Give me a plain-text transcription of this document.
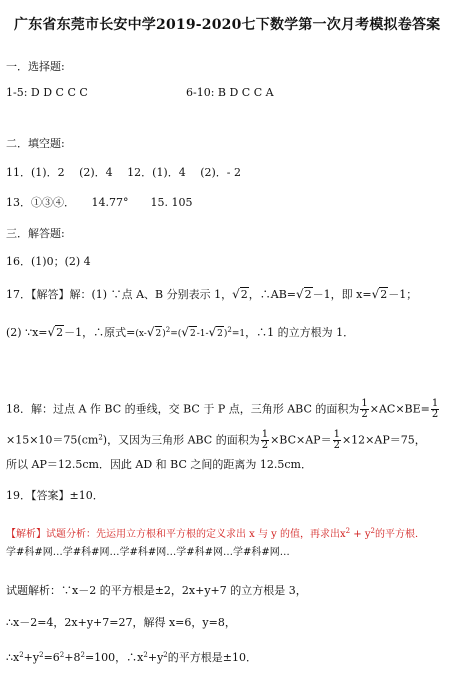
广东省东莞市长安中学2019-2020七下数学第一次月考模拟卷答案
一．选择题:
1-5: D D C C C	6-10: B D C C A
二．填空题:
11．(1)．2　 (2)．4　 12．(1)．4　 (2)．- 2
13．①③④．　　14.77°　　15. 105
三．解答题:
16．(1)0；(2) 4
17．【解答】解：(1) ∵点 A、B 分别表示 1，√2，∴AB=√2－1，即 x=√2－1；
(2) ∵x=√2－1，∴原式$=(x-√2)^2=(√2-1-√2)^2=1$，∴1 的立方根为 1．
18．解：过点 A 作 BC 的垂线，交 BC 于 P 点，三角形 ABC 的面积为 $\frac{1}{2} \times AC\times BE= \frac{1}{2}$
$\times 15\times 10=75(cm^2)$，又因为三角形 ABC 的面积为 $\frac{1}{2} \times BC\times AP= \frac{1}{2} \times 12\times AP=75$，
所以 AP＝12.5cm．因此 AD 和 BC 之间的距离为 12.5cm．
19．【答案】±10．
【解析】试题分析：先运用立方根和平方根的定义求出 x 与 y 的值，再求出$x^2 + y^2$的平方根．
学#科#网…学#科#网…学#科#网…学#科#网…学#科#网…
试题解析：∵x－2 的平方根是±2，2x+y+7 的立方根是 3，
∴x－2=4，2x+y+7=27，解得 x=6，y=8，
$\therefore x^2+y^2=6^2+8^2=100$，$\therefore x^2+y^2$的平方根是±10．
